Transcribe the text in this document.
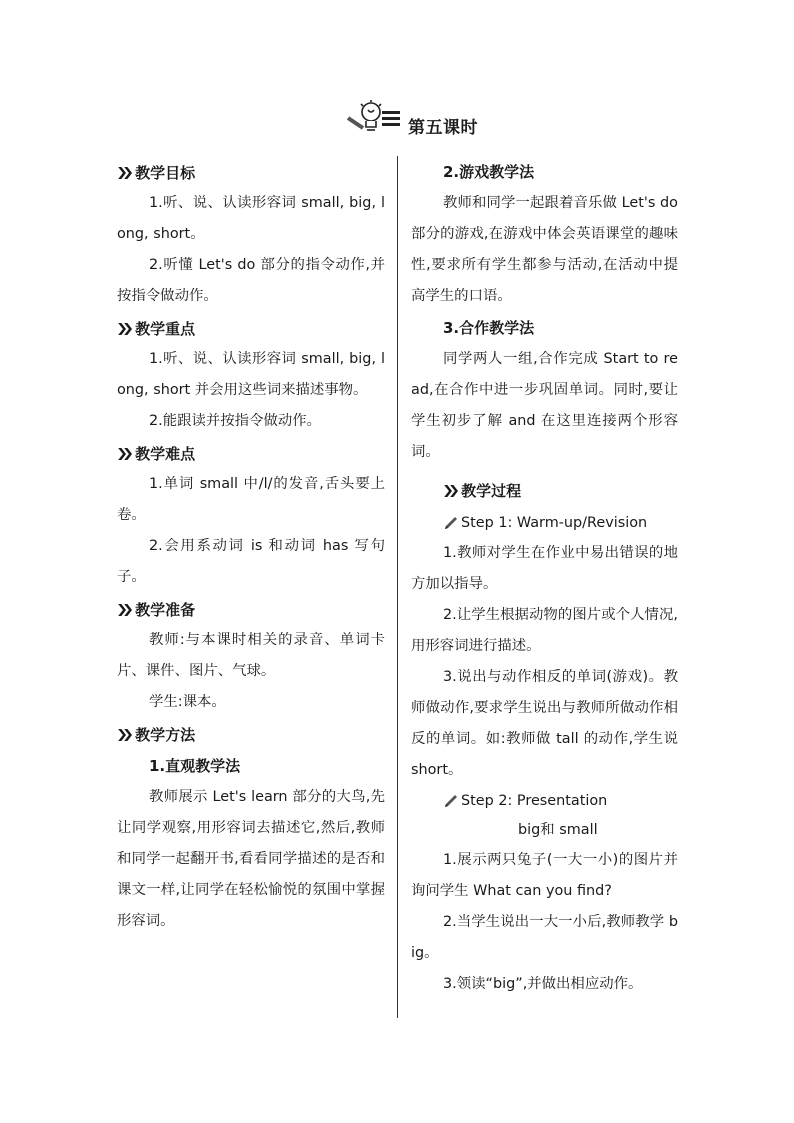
第五课时
❯❯ 教学目标

1.听、说、认读形容词 small, big, long, short。

2.听懂 Let's do 部分的指令动作,并按指令做动作。

❯❯ 教学重点

1.听、说、认读形容词 small, big, long, short 并会用这些词来描述事物。

2.能跟读并按指令做动作。

❯❯ 教学难点

1.单词 small 中/l/的发音,舌头要上卷。

2.会用系动词 is 和动词 has 写句子。

❯❯ 教学准备

教师:与本课时相关的录音、单词卡片、课件、图片、气球。

学生:课本。

❯❯ 教学方法
1.直观教学法

教师展示 Let's learn 部分的大鸟,先让同学观察,用形容词去描述它,然后,教师和同学一起翻开书,看看同学描述的是否和课文一样,让同学在轻松愉悦的氛围中掌握形容词。

2.游戏教学法

教师和同学一起跟着音乐做 Let's do 部分的游戏,在游戏中体会英语课堂的趣味性,要求所有学生都参与活动,在活动中提高学生的口语。

3.合作教学法

同学两人一组,合作完成 Start to read,在合作中进一步巩固单词。同时,要让学生初步了解 and 在这里连接两个形容词。

❯❯ 教学过程
Step 1: Warm-up/Revision

1.教师对学生在作业中易出错误的地方加以指导。

2.让学生根据动物的图片或个人情况,用形容词进行描述。

3.说出与动作相反的单词(游戏)。教师做动作,要求学生说出与教师所做动作相反的单词。如:教师做 tall 的动作,学生说 short。

Step 2: Presentation
big和 small

1.展示两只兔子(一大一小)的图片并询问学生 What can you find?

2.当学生说出一大一小后,教师教学 big。

3.领读“big”,并做出相应动作。
